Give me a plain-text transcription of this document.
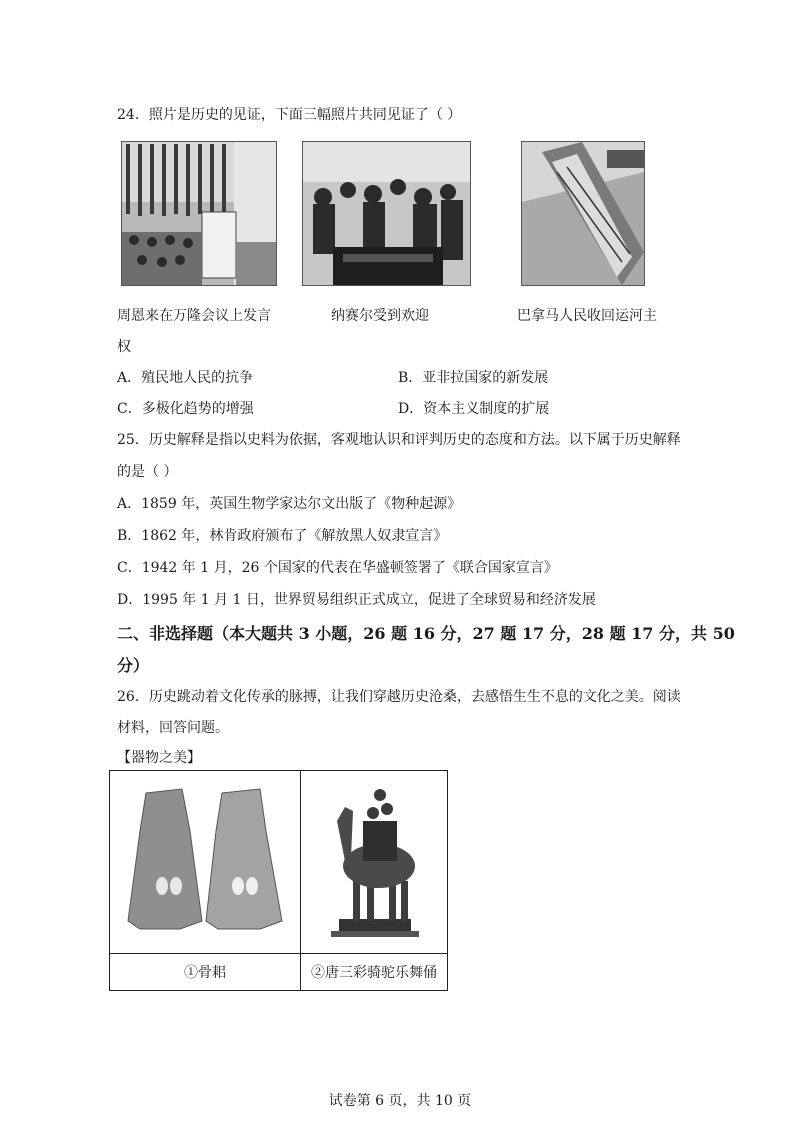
24．照片是历史的见证，下面三幅照片共同见证了（ ）
周恩来在万隆会议上发言	纳赛尔受到欢迎	巴拿马人民收回运河主
权
A．殖民地人民的抗争	B．亚非拉国家的新发展
C．多极化趋势的增强	D．资本主义制度的扩展
25．历史解释是指以史料为依据，客观地认识和评判历史的态度和方法。以下属于历史解释
的是（ ）
A．1859 年，英国生物学家达尔文出版了《物种起源》
B．1862 年，林肯政府颁布了《解放黑人奴隶宣言》
C．1942 年 1 月，26 个国家的代表在华盛顿签署了《联合国家宣言》
D．1995 年 1 月 1 日，世界贸易组织正式成立，促进了全球贸易和经济发展
二、非选择题（本大题共 3 小题，26 题 16 分，27 题 17 分，28 题 17 分，共 50
分）
26．历史跳动着文化传承的脉搏，让我们穿越历史沧桑，去感悟生生不息的文化之美。阅读
材料，回答问题。
【器物之美】

①骨耜	②唐三彩骑驼乐舞俑
试卷第 6 页，共 10 页
